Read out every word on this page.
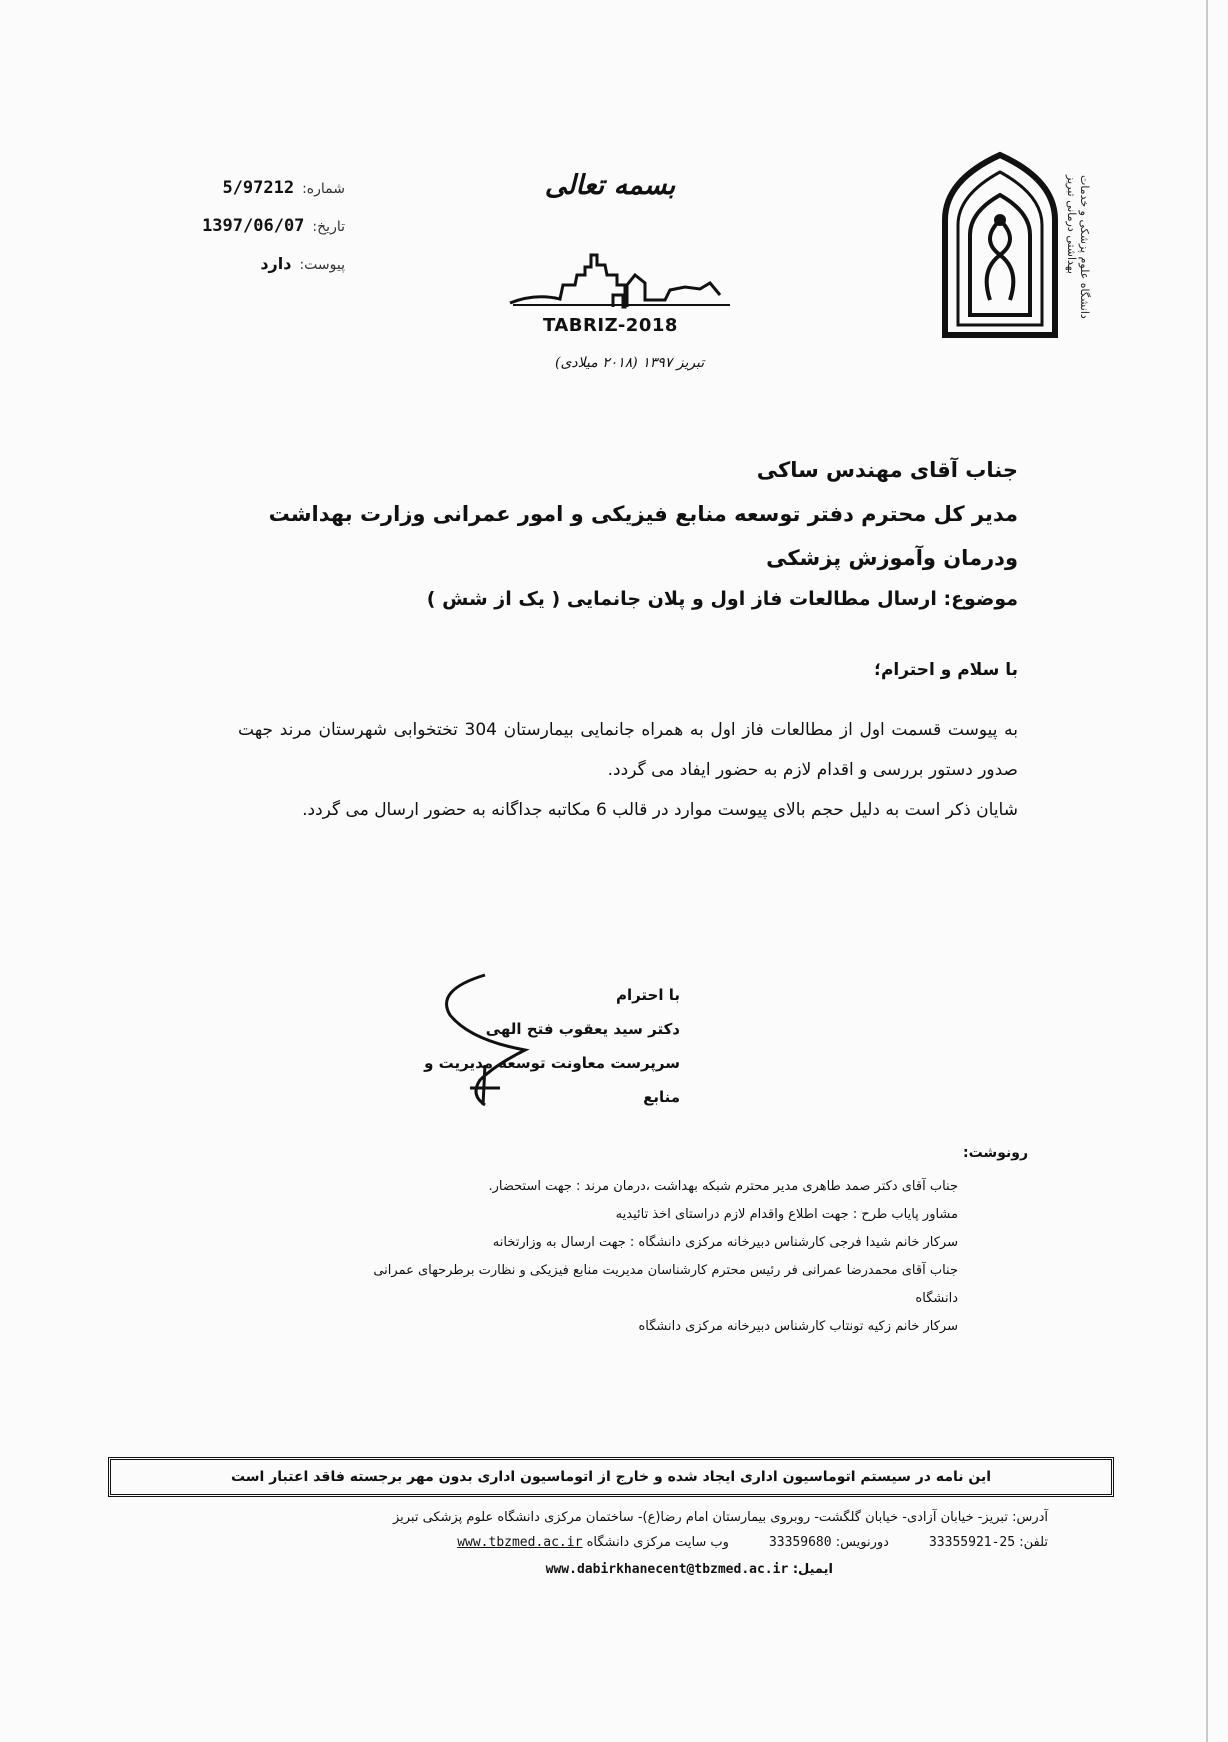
شماره:
5/97212
تاریخ:
1397/06/07
پیوست:
دارد
بسمه تعالی
TABRIZ-2018
تبریز ۱۳۹۷ (۲۰۱۸ میلادی)
دانشگاه علوم پزشکی و خدمات بهداشتی درمانی تبریز
جناب آقای مهندس ساکی
مدیر کل محترم دفتر توسعه منابع فیزیکی و امور عمرانی وزارت بهداشت ودرمان وآموزش پزشکی
موضوع: ارسال مطالعات فاز اول و پلان جانمایی ( یک از شش )
با سلام و احترام؛

به پیوست قسمت اول از مطالعات فاز اول به همراه جانمایی بیمارستان 304 تختخوابی شهرستان مرند جهت صدور دستور بررسی و اقدام لازم به حضور ایفاد می گردد.

شایان ذکر است به دلیل حجم بالای پیوست موارد در قالب 6 مکاتبه جداگانه به حضور ارسال می گردد.

با احترام
دکتر سید یعقوب فتح الهی
سرپرست معاونت توسعه مدیریت و منابع
رونوشت:
جناب آقای دکتر صمد طاهری مدیر محترم شبکه بهداشت ،درمان مرند : جهت استحضار.
مشاور پایاب طرح : جهت اطلاع واقدام لازم دراستای اخذ تائیدیه
سرکار خانم شیدا فرجی کارشناس دبیرخانه مرکزی دانشگاه : جهت ارسال به وزارتخانه
جناب آقای محمدرضا عمرانی فر رئیس محترم کارشناسان مدیریت منابع فیزیکی و نظارت برطرحهای عمرانی
دانشگاه
سرکار خانم زکیه تونتاب کارشناس دبیرخانه مرکزی دانشگاه
این نامه در سیستم اتوماسیون اداری ایجاد شده و خارج از اتوماسیون اداری بدون مهر برجسته فاقد اعتبار است
آدرس: تبریز- خیابان آزادی- خیابان گلگشت- روبروی بیمارستان امام رضا(ع)- ساختمان مرکزی دانشگاه علوم پزشکی تبریز
تلفن: 33355921-25
دورنویس: 33359680
وب سایت مرکزی دانشگاه www.tbzmed.ac.ir
ایمیل: www.dabirkhanecent@tbzmed.ac.ir
